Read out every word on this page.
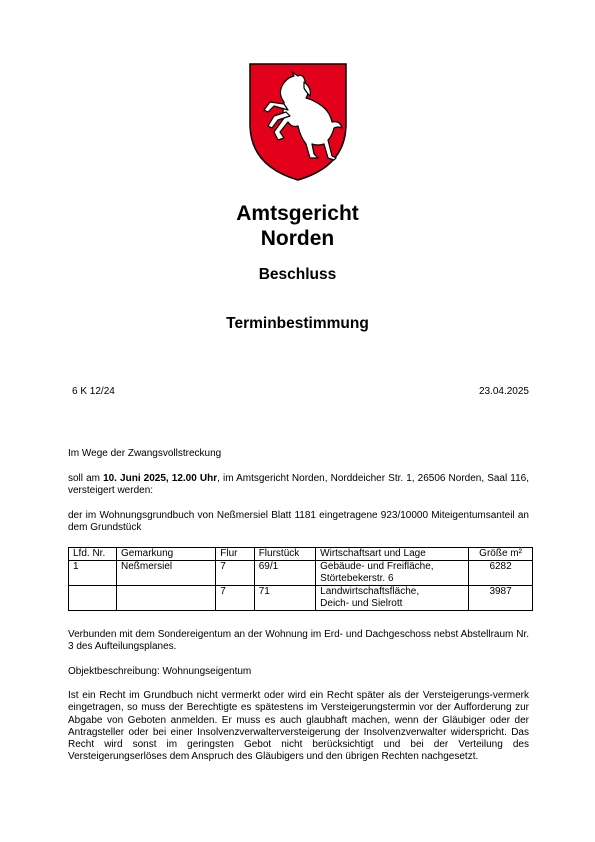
Amtsgericht
Norden
Beschluss
Terminbestimmung
6 K 12/24	23.04.2025
Im Wege der Zwangsvollstreckung
soll am 10. Juni 2025, 12.00 Uhr, im Amtsgericht Norden, Norddeicher Str. 1, 26506 Norden, Saal 116, versteigert werden:
der im Wohnungsgrundbuch von Neßmersiel Blatt 1181 eingetragene 923/10000 Miteigentumsanteil an dem Grundstück
Lfd. Nr.	Gemarkung	Flur	Flurstück	Wirtschaftsart und Lage	Größe m²
1	Neßmersiel	7	69/1	Gebäude- und Freifläche,
Störtebekerstr. 6	6282
		7	71	Landwirtschaftsfläche,
Deich- und Sielrott	3987
Verbunden mit dem Sondereigentum an der Wohnung im Erd- und Dachgeschoss nebst Abstellraum Nr. 3 des Aufteilungsplanes.
Objektbeschreibung: Wohnungseigentum
Ist ein Recht im Grundbuch nicht vermerkt oder wird ein Recht später als der Versteigerungs-vermerk eingetragen, so muss der Berechtigte es spätestens im Versteigerungstermin vor der Aufforderung zur Abgabe von Geboten anmelden. Er muss es auch glaubhaft machen, wenn der Gläubiger oder der Antragsteller oder bei einer Insolvenzverwalterversteigerung der Insolvenzverwalter widerspricht. Das Recht wird sonst im geringsten Gebot nicht berücksichtigt und bei der Verteilung des Versteigerungserlöses dem Anspruch des Gläubigers und den übrigen Rechten nachgesetzt.
